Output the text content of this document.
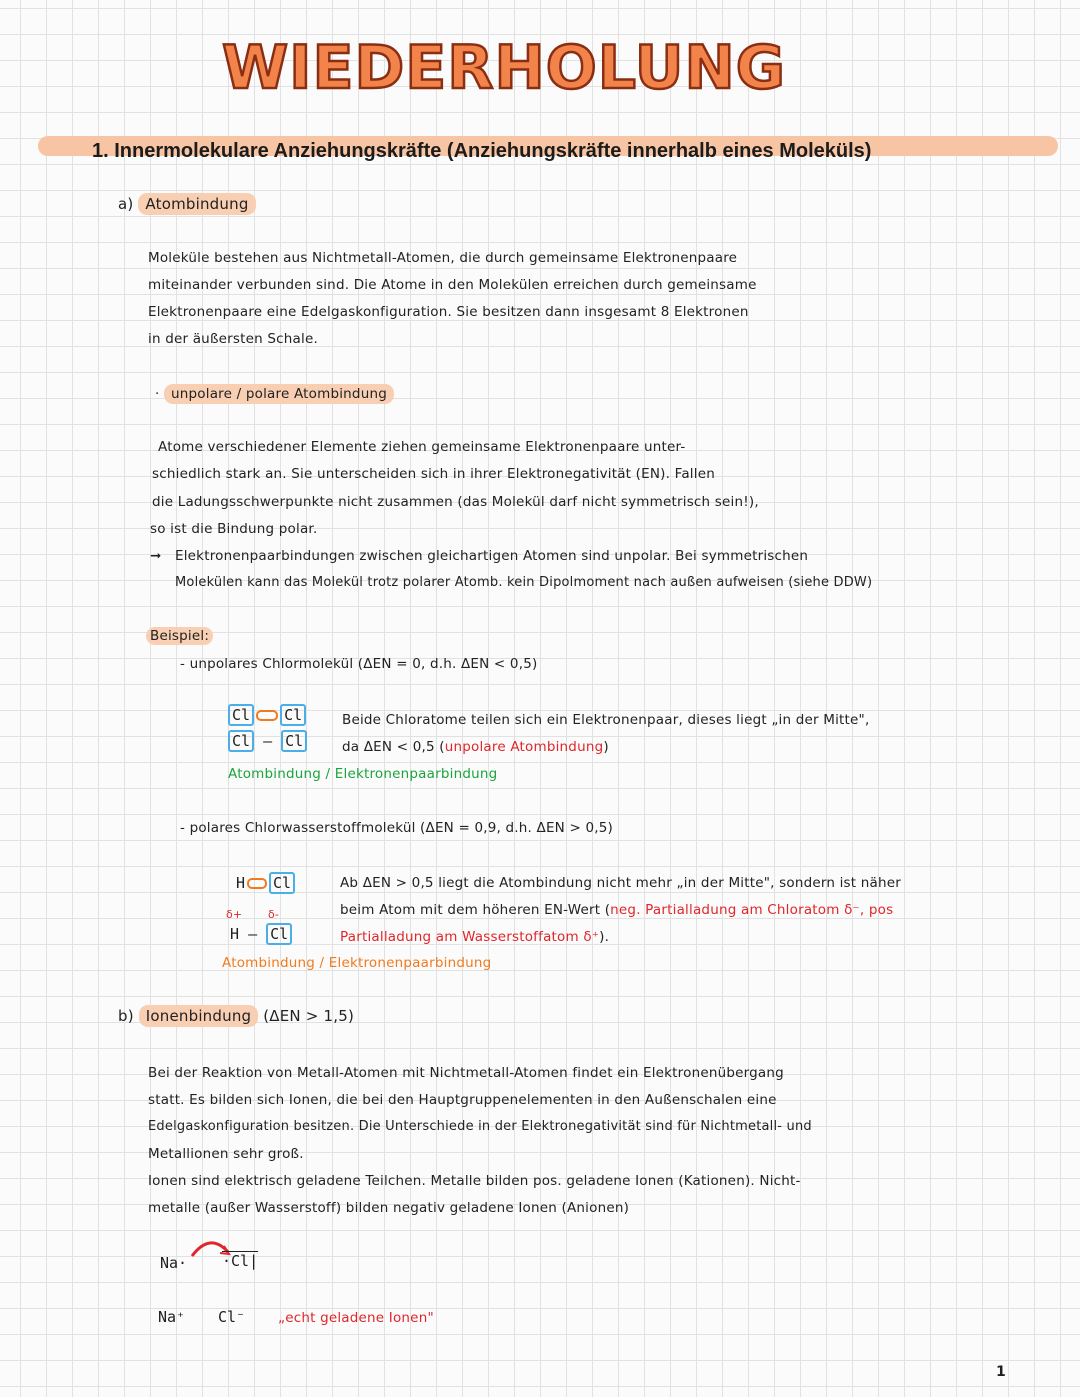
WIEDERHOLUNG
1. Innermolekulare Anziehungskräfte (Anziehungskräfte innerhalb eines Moleküls)
a) Atombindung
Moleküle bestehen aus Nichtmetall-Atomen, die durch gemeinsame Elektronenpaare
miteinander verbunden sind. Die Atome in den Molekülen erreichen durch gemeinsame
Elektronenpaare eine Edelgaskonfiguration. Sie besitzen dann insgesamt 8 Elektronen
in der äußersten Schale.
· unpolare / polare Atombindung
Atome verschiedener Elemente ziehen gemeinsame Elektronenpaare unter-
schiedlich stark an. Sie unterscheiden sich in ihrer Elektronegativität (EN). Fallen
die Ladungsschwerpunkte nicht zusammen (das Molekül darf nicht symmetrisch sein!),
so ist die Bindung polar.
➞ Elektronenpaarbindungen zwischen gleichartigen Atomen sind unpolar. Bei symmetrischen
Molekülen kann das Molekül trotz polarer Atomb. kein Dipolmoment nach außen aufweisen (siehe DDW)
Beispiel:
- unpolares Chlormolekül (ΔEN = 0, d.h. ΔEN < 0,5)
Cl Cl
Cl – Cl
Atombindung / Elektronenpaarbindung
Beide Chloratome teilen sich ein Elektronenpaar, dieses liegt „in der Mitte",
da ΔEN < 0,5 (unpolare Atombindung)
- polares Chlorwasserstoffmolekül (ΔEN = 0,9, d.h. ΔEN > 0,5)
H Cl
δ+ δ-
H – Cl
Atombindung / Elektronenpaarbindung
Ab ΔEN > 0,5 liegt die Atombindung nicht mehr „in der Mitte", sondern ist näher
beim Atom mit dem höheren EN-Wert (neg. Partialladung am Chloratom δ⁻, pos
Partialladung am Wasserstoffatom δ⁺).
b) Ionenbindung (ΔEN > 1,5)
Bei der Reaktion von Metall-Atomen mit Nichtmetall-Atomen findet ein Elektronenübergang
statt. Es bilden sich Ionen, die bei den Hauptgruppenelementen in den Außenschalen eine
Edelgaskonfiguration besitzen. Die Unterschiede in der Elektronegativität sind für Nichtmetall- und
Metallionen sehr groß.
Ionen sind elektrisch geladene Teilchen. Metalle bilden pos. geladene Ionen (Kationen). Nicht-
metalle (außer Wasserstoff) bilden negativ geladene Ionen (Anionen)
Na· ·Cl|
Na⁺ Cl⁻ „echt geladene Ionen"
1
